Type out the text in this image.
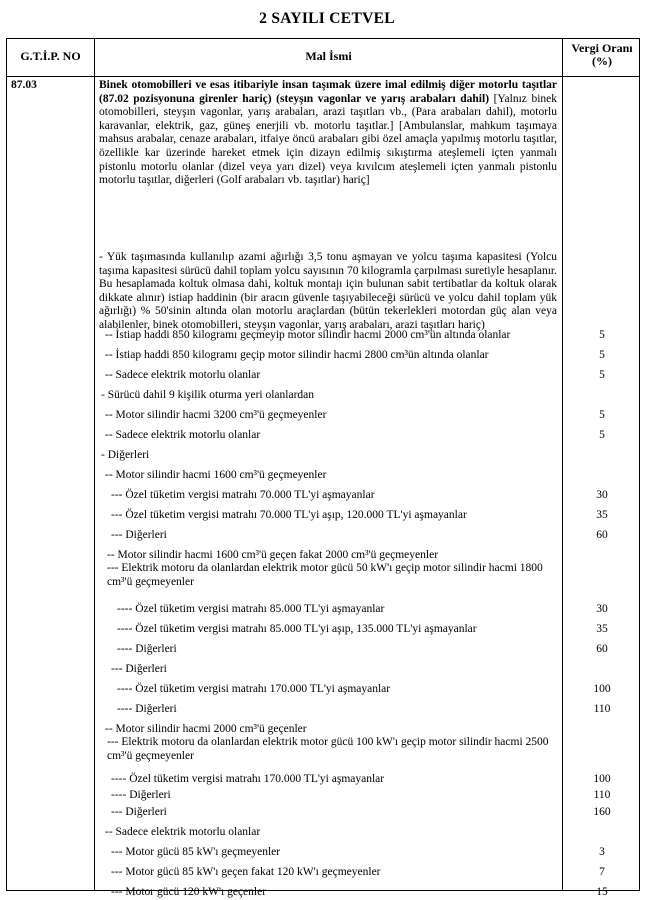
2 SAYILI CETVEL
G.T.İ.P. NO	Mal İsmi
Vergi Oranı
(%)
87.03	Binek otomobilleri ve esas itibariyle insan taşımak üzere imal edilmiş diğer motorlu taşıtlar (87.02 pozisyonuna girenler hariç) (steyşın vagonlar ve yarış arabaları dahil) [Yalnız binek otomobilleri, steyşın vagonlar, yarış arabaları, arazi taşıtları vb., (Para arabaları dahil), motorlu karavanlar, elektrik, gaz, güneş enerjili vb. motorlu taşıtlar.] [Ambulanslar, mahkum taşımaya mahsus arabalar, cenaze arabaları, itfaiye öncü arabaları gibi özel amaçla yapılmış motorlu taşıtlar, özellikle kar üzerinde hareket etmek için dizayn edilmiş sıkıştırma ateşlemeli içten yanmalı pistonlu motorlu olanlar (dizel veya yarı dizel) veya kıvılcım ateşlemeli içten yanmalı pistonlu motorlu taşıtlar, diğerleri (Golf arabaları vb. taşıtlar) hariç]
- Yük taşımasında kullanılıp azami ağırlığı 3,5 tonu aşmayan ve yolcu taşıma kapasitesi (Yolcu taşıma kapasitesi sürücü dahil toplam yolcu sayısının 70 kilogramla çarpılması suretiyle hesaplanır. Bu hesaplamada koltuk olmasa dahi, koltuk montajı için bulunan sabit tertibatlar da koltuk olarak dikkate alınır) istiap haddinin (bir aracın güvenle taşıyabileceği sürücü ve yolcu dahil toplam yük ağırlığı) % 50'sinin altında olan motorlu araçlardan (bütün tekerlekleri motordan güç alan veya alabilenler, binek otomobilleri, steyşın vagonlar, yarış arabaları, arazi taşıtları hariç)
-- İstiap haddi 850 kilogramı geçmeyip motor silindir hacmi 2000 cm³'ün altında olanlar	5
-- İstiap haddi 850 kilogramı geçip motor silindir hacmi 2800 cm³ün altında olanlar	5
-- Sadece elektrik motorlu olanlar	5
- Sürücü dahil 9 kişilik oturma yeri olanlardan
-- Motor silindir hacmi 3200 cm³'ü geçmeyenler	5
-- Sadece elektrik motorlu olanlar	5
- Diğerleri
-- Motor silindir hacmi 1600 cm³'ü geçmeyenler
--- Özel tüketim vergisi matrahı 70.000 TL'yi aşmayanlar	30
--- Özel tüketim vergisi matrahı 70.000 TL'yi aşıp, 120.000 TL'yi aşmayanlar	35
--- Diğerleri	60
-- Motor silindir hacmi 1600 cm³'ü geçen fakat 2000 cm³'ü geçmeyenler
--- Elektrik motoru da olanlardan elektrik motor gücü 50 kW'ı geçip motor silindir hacmi 1800 cm³'ü geçmeyenler
---- Özel tüketim vergisi matrahı 85.000 TL'yi aşmayanlar	30
---- Özel tüketim vergisi matrahı 85.000 TL'yi aşıp, 135.000 TL'yi aşmayanlar	35
---- Diğerleri	60
--- Diğerleri
---- Özel tüketim vergisi matrahı 170.000 TL'yi aşmayanlar	100
---- Diğerleri	110
-- Motor silindir hacmi 2000 cm³'ü geçenler
--- Elektrik motoru da olanlardan elektrik motor gücü 100 kW'ı geçip motor silindir hacmi 2500 cm³'ü geçmeyenler
---- Özel tüketim vergisi matrahı 170.000 TL'yi aşmayanlar	100
---- Diğerleri	110
--- Diğerleri	160
-- Sadece elektrik motorlu olanlar
--- Motor gücü 85 kW'ı geçmeyenler	3
--- Motor gücü 85 kW'ı geçen fakat 120 kW'ı geçmeyenler	7
--- Motor gücü 120 kW'ı geçenler	15
